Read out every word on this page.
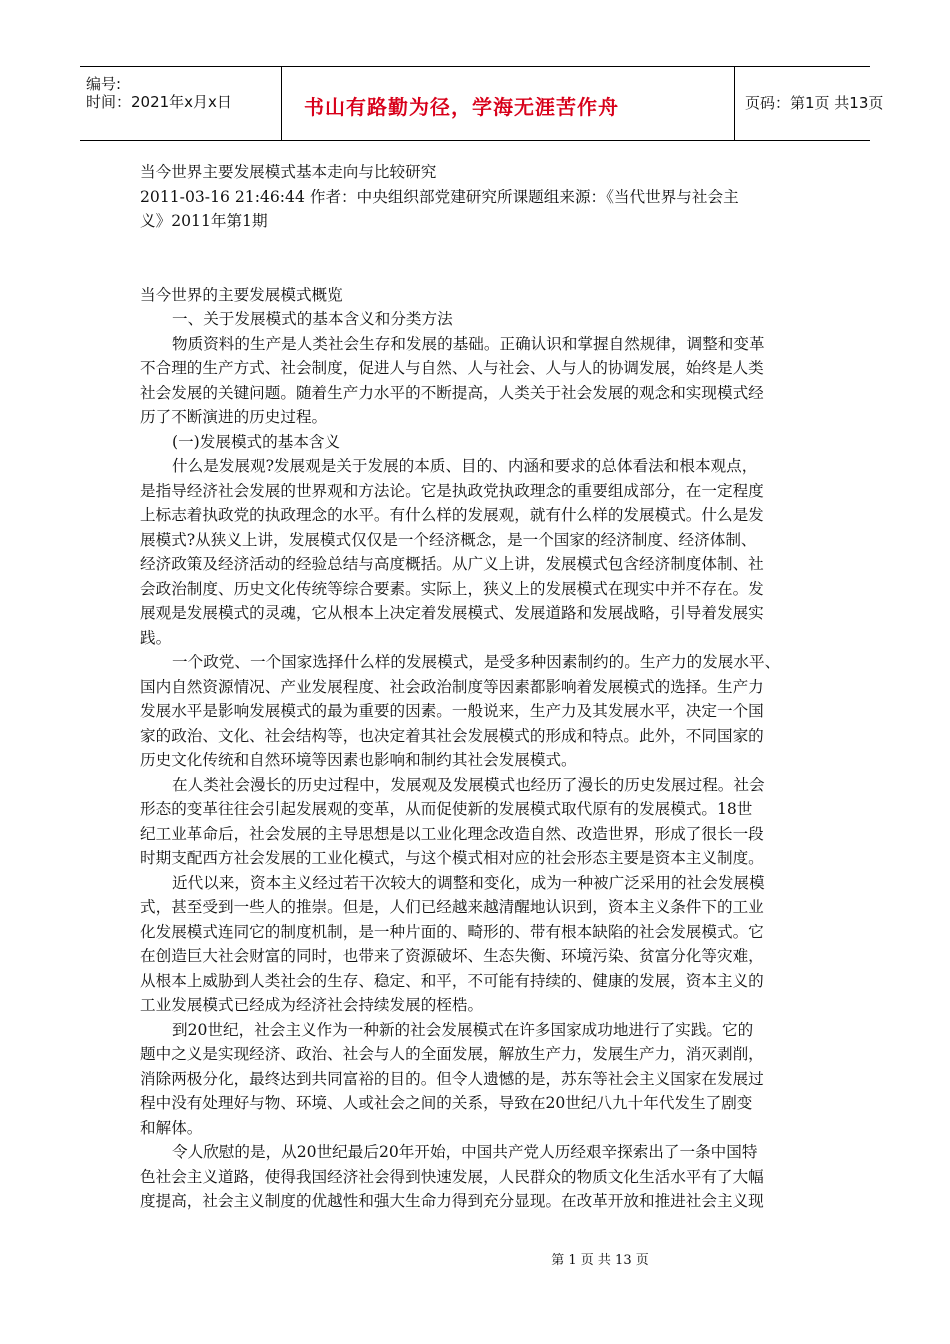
编号:
时间：2021年x月x日	书山有路勤为径，学海无涯苦作舟	页码：第1页 共13页
当今世界主要发展模式基本走向与比较研究
2011-03-16 21:46:44 作者：中央组织部党建研究所课题组来源：《当代世界与社会主
义》2011年第1期
当今世界的主要发展模式概览
一、关于发展模式的基本含义和分类方法
物质资料的生产是人类社会生存和发展的基础。正确认识和掌握自然规律，调整和变革
不合理的生产方式、社会制度，促进人与自然、人与社会、人与人的协调发展，始终是人类
社会发展的关键问题。随着生产力水平的不断提高，人类关于社会发展的观念和实现模式经
历了不断演进的历史过程。
(一)发展模式的基本含义
什么是发展观?发展观是关于发展的本质、目的、内涵和要求的总体看法和根本观点，
是指导经济社会发展的世界观和方法论。它是执政党执政理念的重要组成部分，在一定程度
上标志着执政党的执政理念的水平。有什么样的发展观，就有什么样的发展模式。什么是发
展模式?从狭义上讲，发展模式仅仅是一个经济概念，是一个国家的经济制度、经济体制、
经济政策及经济活动的经验总结与高度概括。从广义上讲，发展模式包含经济制度体制、社
会政治制度、历史文化传统等综合要素。实际上，狭义上的发展模式在现实中并不存在。发
展观是发展模式的灵魂，它从根本上决定着发展模式、发展道路和发展战略，引导着发展实
践。
一个政党、一个国家选择什么样的发展模式，是受多种因素制约的。生产力的发展水平、
国内自然资源情况、产业发展程度、社会政治制度等因素都影响着发展模式的选择。生产力
发展水平是影响发展模式的最为重要的因素。一般说来，生产力及其发展水平，决定一个国
家的政治、文化、社会结构等，也决定着其社会发展模式的形成和特点。此外，不同国家的
历史文化传统和自然环境等因素也影响和制约其社会发展模式。
在人类社会漫长的历史过程中，发展观及发展模式也经历了漫长的历史发展过程。社会
形态的变革往往会引起发展观的变革，从而促使新的发展模式取代原有的发展模式。18世
纪工业革命后，社会发展的主导思想是以工业化理念改造自然、改造世界，形成了很长一段
时期支配西方社会发展的工业化模式，与这个模式相对应的社会形态主要是资本主义制度。
近代以来，资本主义经过若干次较大的调整和变化，成为一种被广泛采用的社会发展模
式，甚至受到一些人的推崇。但是，人们已经越来越清醒地认识到，资本主义条件下的工业
化发展模式连同它的制度机制，是一种片面的、畸形的、带有根本缺陷的社会发展模式。它
在创造巨大社会财富的同时，也带来了资源破坏、生态失衡、环境污染、贫富分化等灾难，
从根本上威胁到人类社会的生存、稳定、和平，不可能有持续的、健康的发展，资本主义的
工业发展模式已经成为经济社会持续发展的桎梏。
到20世纪，社会主义作为一种新的社会发展模式在许多国家成功地进行了实践。它的
题中之义是实现经济、政治、社会与人的全面发展，解放生产力，发展生产力，消灭剥削，
消除两极分化，最终达到共同富裕的目的。但令人遗憾的是，苏东等社会主义国家在发展过
程中没有处理好与物、环境、人或社会之间的关系，导致在20世纪八九十年代发生了剧变
和解体。
令人欣慰的是，从20世纪最后20年开始，中国共产党人历经艰辛探索出了一条中国特
色社会主义道路，使得我国经济社会得到快速发展，人民群众的物质文化生活水平有了大幅
度提高，社会主义制度的优越性和强大生命力得到充分显现。在改革开放和推进社会主义现
第 1 页 共 13 页
